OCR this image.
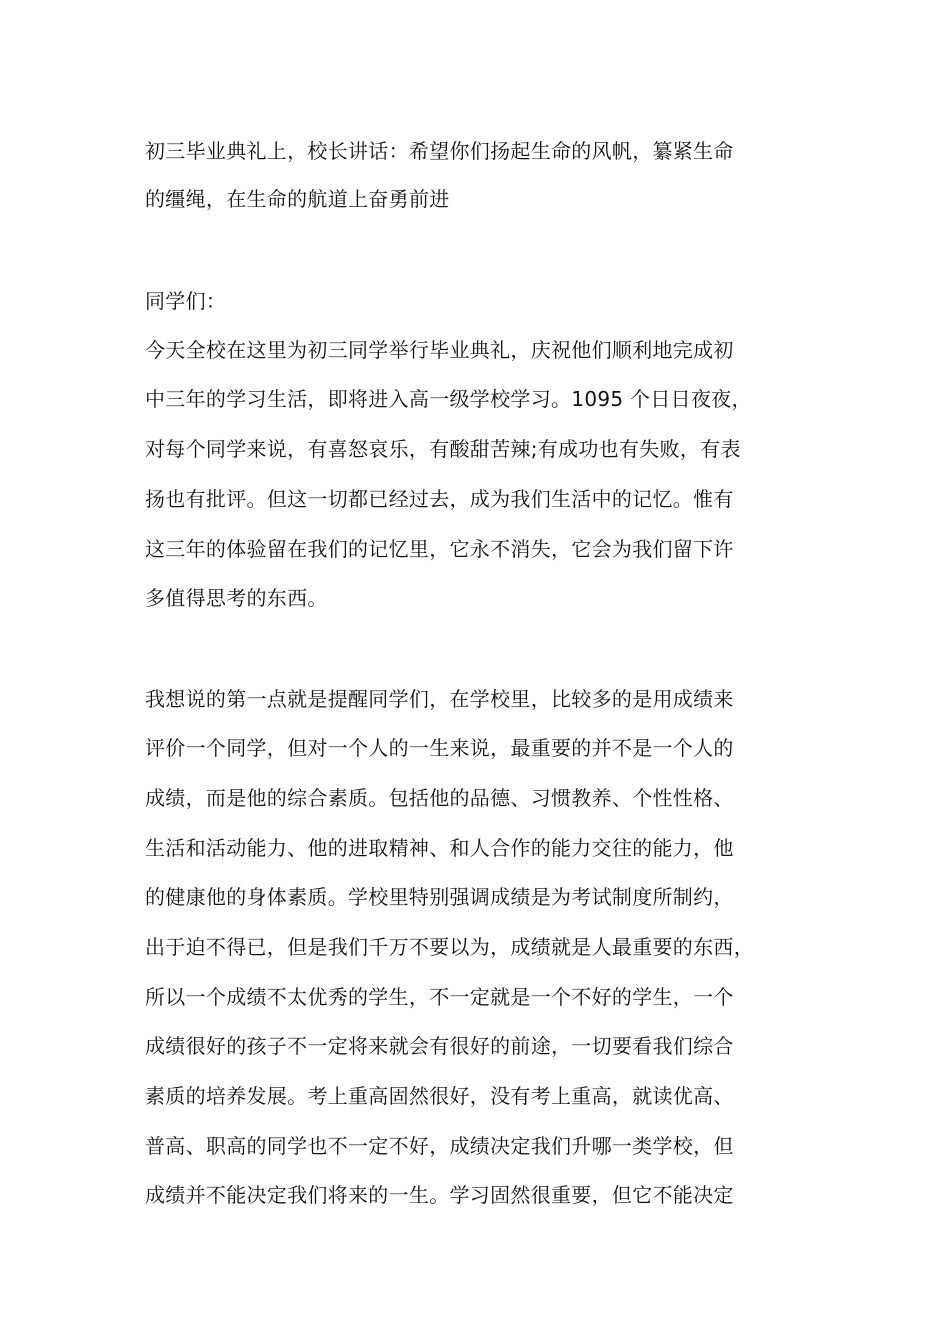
初三毕业典礼上，校长讲话：希望你们扬起生命的风帆，纂紧生命
的缰绳，在生命的航道上奋勇前进
同学们：
今天全校在这里为初三同学举行毕业典礼，庆祝他们顺利地完成初
中三年的学习生活，即将进入高一级学校学习。1095 个日日夜夜，
对每个同学来说，有喜怒哀乐，有酸甜苦辣;有成功也有失败，有表
扬也有批评。但这一切都已经过去，成为我们生活中的记忆。惟有
这三年的体验留在我们的记忆里，它永不消失，它会为我们留下许
多值得思考的东西。
我想说的第一点就是提醒同学们，在学校里，比较多的是用成绩来
评价一个同学，但对一个人的一生来说，最重要的并不是一个人的
成绩，而是他的综合素质。包括他的品德、习惯教养、个性性格、
生活和活动能力、他的进取精神、和人合作的能力交往的能力，他
的健康他的身体素质。学校里特别强调成绩是为考试制度所制约，
出于迫不得已，但是我们千万不要以为，成绩就是人最重要的东西，
所以一个成绩不太优秀的学生，不一定就是一个不好的学生，一个
成绩很好的孩子不一定将来就会有很好的前途，一切要看我们综合
素质的培养发展。考上重高固然很好，没有考上重高，就读优高、
普高、职高的同学也不一定不好，成绩决定我们升哪一类学校，但
成绩并不能决定我们将来的一生。学习固然很重要，但它不能决定
